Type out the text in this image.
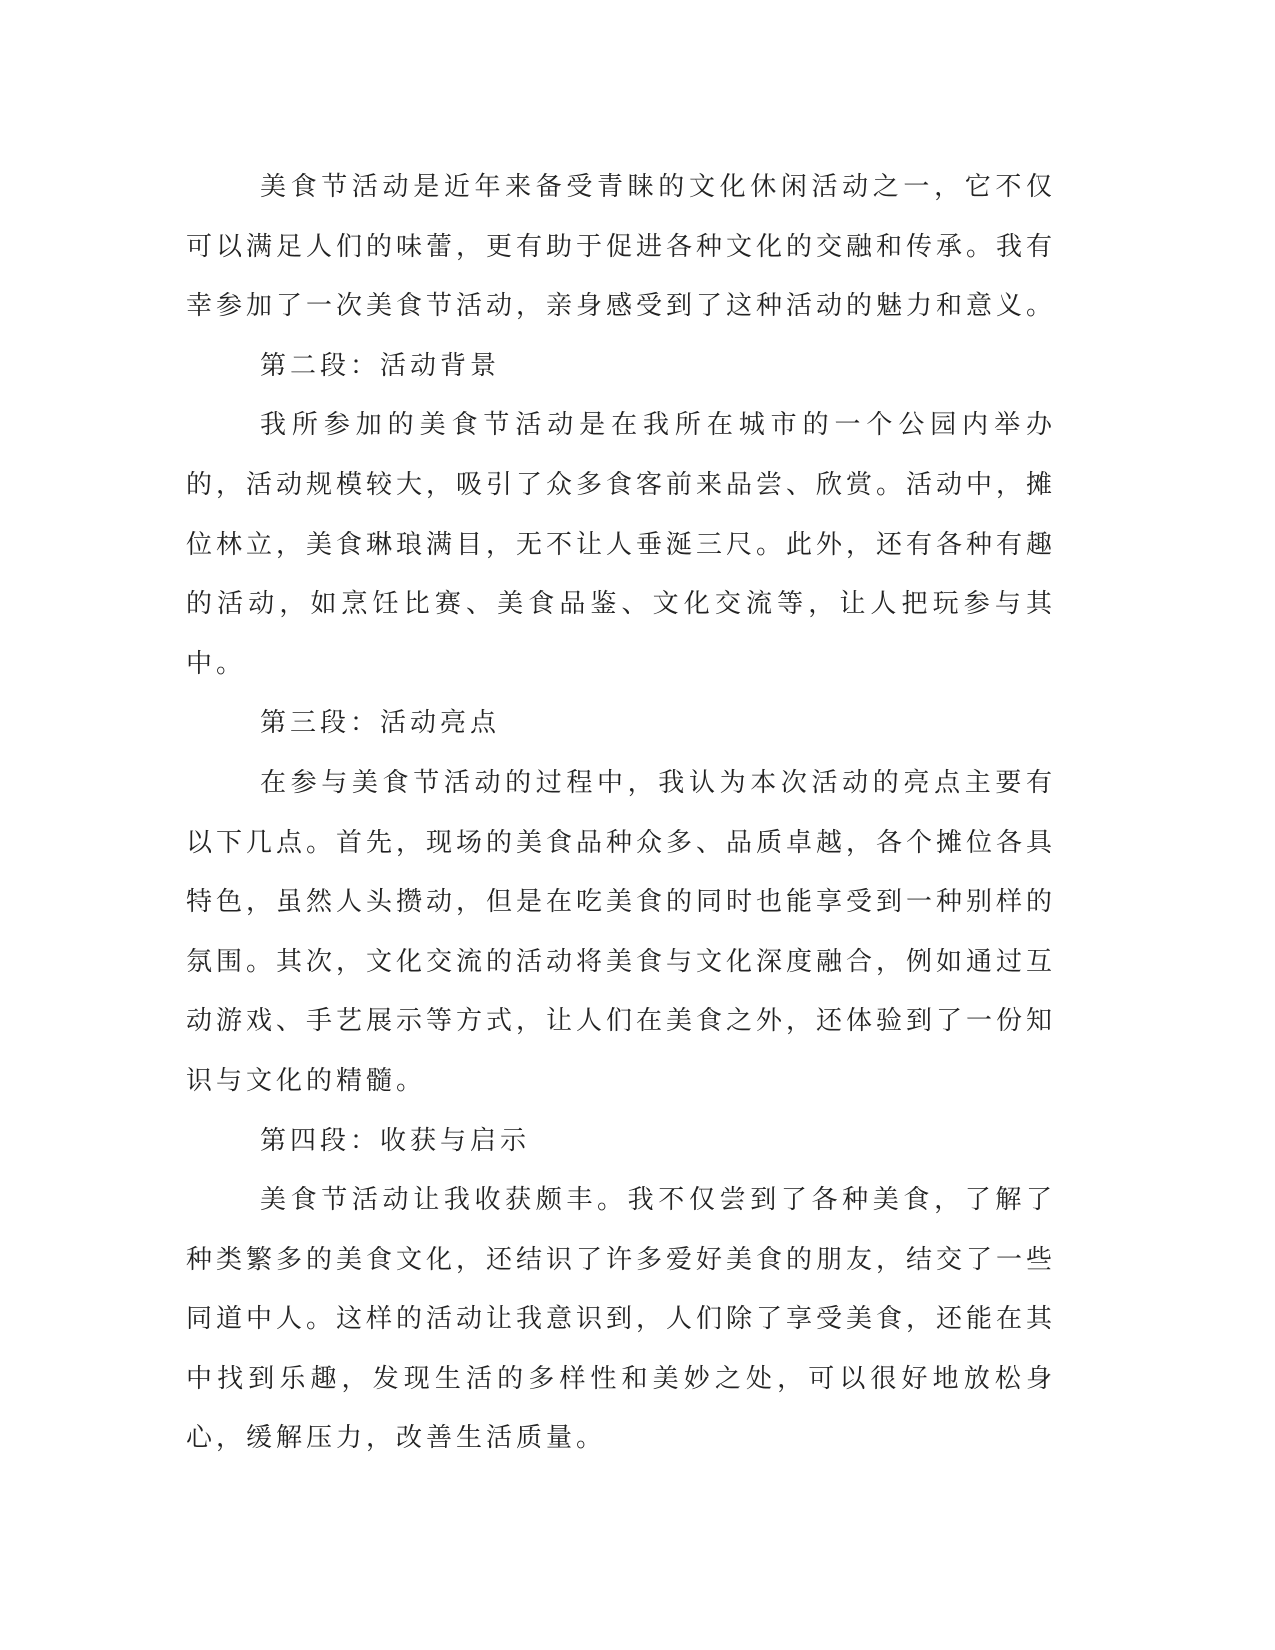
美食节活动是近年来备受青睐的文化休闲活动之一，它不仅可以满足人们的味蕾，更有助于促进各种文化的交融和传承。我有幸参加了一次美食节活动，亲身感受到了这种活动的魅力和意义。

第二段：活动背景

我所参加的美食节活动是在我所在城市的一个公园内举办的，活动规模较大，吸引了众多食客前来品尝、欣赏。活动中，摊位林立，美食琳琅满目，无不让人垂涎三尺。此外，还有各种有趣的活动，如烹饪比赛、美食品鉴、文化交流等，让人把玩参与其中。

第三段：活动亮点

在参与美食节活动的过程中，我认为本次活动的亮点主要有以下几点。首先，现场的美食品种众多、品质卓越，各个摊位各具特色，虽然人头攒动，但是在吃美食的同时也能享受到一种别样的氛围。其次，文化交流的活动将美食与文化深度融合，例如通过互动游戏、手艺展示等方式，让人们在美食之外，还体验到了一份知识与文化的精髓。

第四段：收获与启示

美食节活动让我收获颇丰。我不仅尝到了各种美食，了解了种类繁多的美食文化，还结识了许多爱好美食的朋友，结交了一些同道中人。这样的活动让我意识到，人们除了享受美食，还能在其中找到乐趣，发现生活的多样性和美妙之处，可以很好地放松身心，缓解压力，改善生活质量。
